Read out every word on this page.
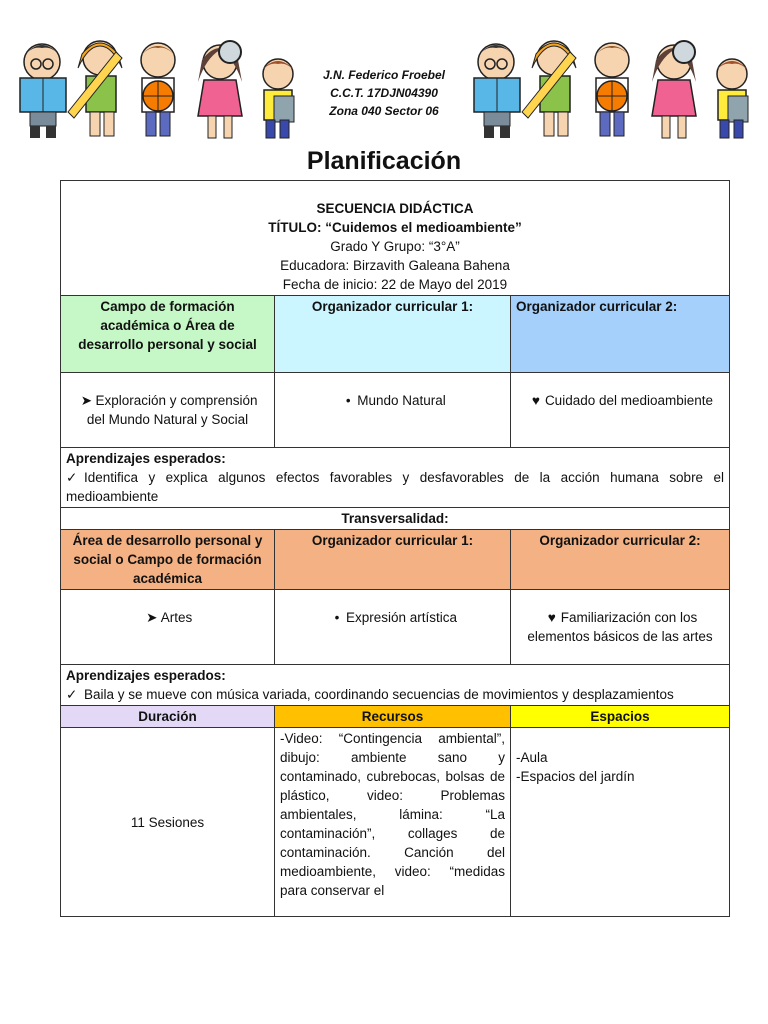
J.N. Federico Froebel
C.C.T. 17DJN04390
Zona 040 Sector 06
Planificación
SECUENCIA DIDÁCTICA
TÍTULO: “Cuidemos el medioambiente”
Grado Y Grupo: “3°A”
Educadora: Birzavith Galeana Bahena
Fecha de inicio: 22 de Mayo del 2019		

Campo de formación académica o Área de desarrollo personal y social	Organizador curricular 1:	Organizador curricular 2:
➤ Exploración y comprensión del Mundo Natural y Social	• Mundo Natural	♥ Cuidado del medioambiente

Aprendizajes esperados:
✓ Identifica y explica algunos efectos favorables y desfavorables de la acción humana sobre el medioambiente		

Transversalidad:		
Área de desarrollo personal y social o Campo de formación académica	Organizador curricular 1:	Organizador curricular 2:
➤ Artes	• Expresión artística	♥ Familiarización con los elementos básicos de las artes

Aprendizajes esperados:
✓ Baila y se mueve con música variada, coordinando secuencias de movimientos y desplazamientos		

Duración	Recursos	Espacios
11 Sesiones	-Video: “Contingencia ambiental”, dibujo: ambiente sano y contaminado, cubrebocas, bolsas de plástico, video: Problemas ambientales, lámina: “La contaminación”, collages de contaminación. Canción del medioambiente, video: “medidas para conservar el	-Aula
-Espacios del jardín
